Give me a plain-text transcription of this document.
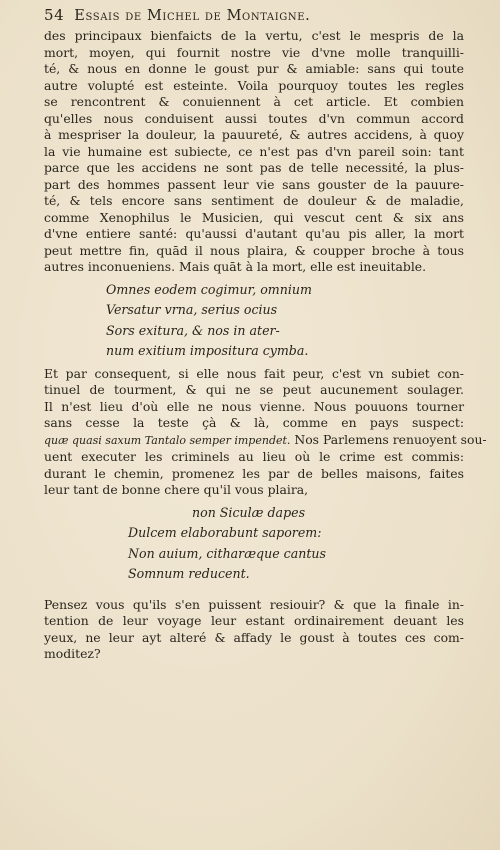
54 Essais de Michel de Montaigne.
des principaux bienfaicts de la vertu, c'est le mespris de la
mort, moyen, qui fournit nostre vie d'vne molle tranquilli-
té, & nous en donne le goust pur & amiable: sans qui toute
autre volupté est esteinte. Voila pourquoy toutes les regles
se rencontrent & conuiennent à cet article. Et combien
qu'elles nous conduisent aussi toutes d'vn commun accord
à mespriser la douleur, la pauureté, & autres accidens, à quoy
la vie humaine est subiecte, ce n'est pas d'vn pareil soin: tant
parce que les accidens ne sont pas de telle necessité, la plus-
part des hommes passent leur vie sans gouster de la pauure-
té, & tels encore sans sentiment de douleur & de maladie,
comme Xenophilus le Musicien, qui vescut cent & six ans
d'vne entiere santé: qu'aussi d'autant qu'au pis aller, la mort
peut mettre fin, quād il nous plaira, & coupper broche à tous
autres inconueniens. Mais quāt à la mort, elle est ineuitable.
Omnes eodem cogimur, omnium
Versatur vrna, serius ocius
Sors exitura, & nos in ater-
num exitium impositura cymba.
Et par consequent, si elle nous fait peur, c'est vn subiet con-
tinuel de tourment, & qui ne se peut aucunement soulager.
Il n'est lieu d'où elle ne nous vienne. Nous pouuons tourner
sans cesse la teste çà & là, comme en pays suspect:
quæ quasi saxum Tantalo semper impendet. Nos Parlemens renuoyent sou-
uent executer les criminels au lieu où le crime est commis:
durant le chemin, promenez les par de belles maisons, faites
leur tant de bonne chere qu'il vous plaira,
non Siculæ dapes
Dulcem elaborabunt saporem:
Non auium, citharæque cantus
Somnum reducent.
Pensez vous qu'ils s'en puissent resiouir? & que la finale in-
tention de leur voyage leur estant ordinairement deuant les
yeux, ne leur ayt alteré & affady le goust à toutes ces com-
moditez?
